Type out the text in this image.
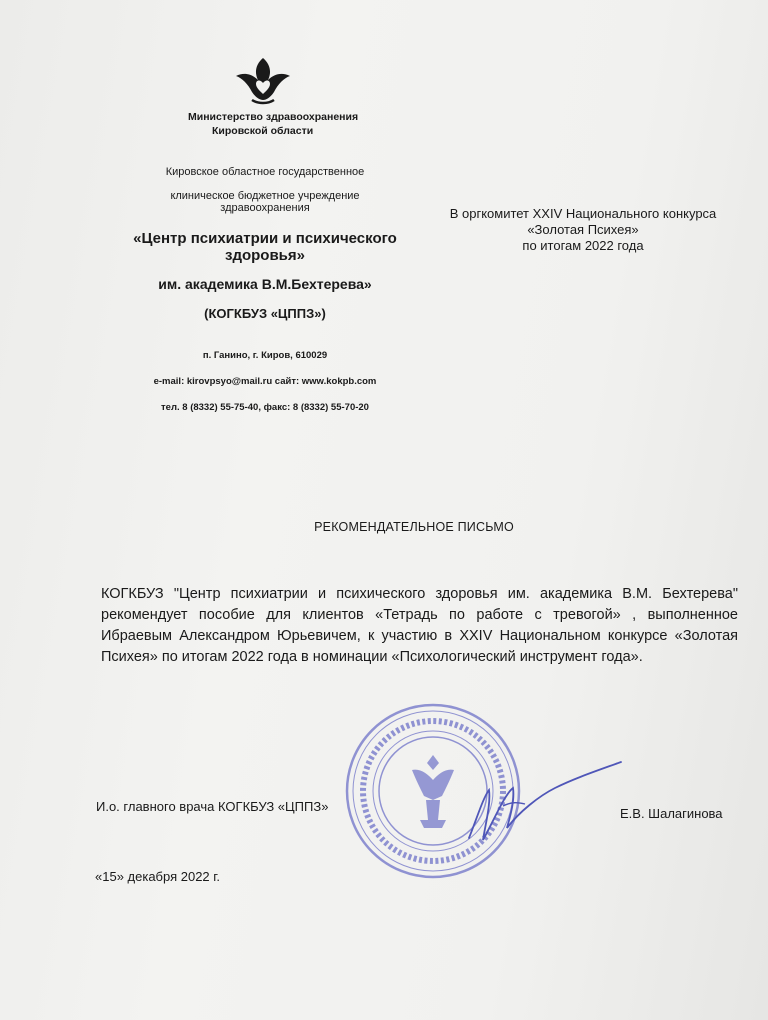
Министерство здравоохранения
Кировской области
Кировское областное государственное
клиническое бюджетное учреждение
здравоохранения
«Центр психиатрии и психического здоровья»
им. академика В.М.Бехтерева»
(КОГКБУЗ «ЦППЗ»)
п. Ганино, г. Киров, 610029
e-mail: kirovpsyo@mail.ru сайт: www.kokpb.com
тел. 8 (8332) 55-75-40, факс: 8 (8332) 55-70-20
В оргкомитет XXIV Национального конкурса
«Золотая Психея»
по итогам 2022 года
РЕКОМЕНДАТЕЛЬНОЕ ПИСЬМО
КОГКБУЗ "Центр психиатрии и психического здоровья им. академика В.М. Бехтерева" рекомендует пособие для клиентов «Тетрадь по работе с тревогой» , выполненное Ибраевым Александром Юрьевичем, к участию в XXIV Национальном конкурсе «Золотая Психея» по итогам 2022 года в номинации «Психологический инструмент года».
И.о. главного врача КОГКБУЗ «ЦППЗ»	Е.В. Шалагинова
«15» декабря 2022 г.
